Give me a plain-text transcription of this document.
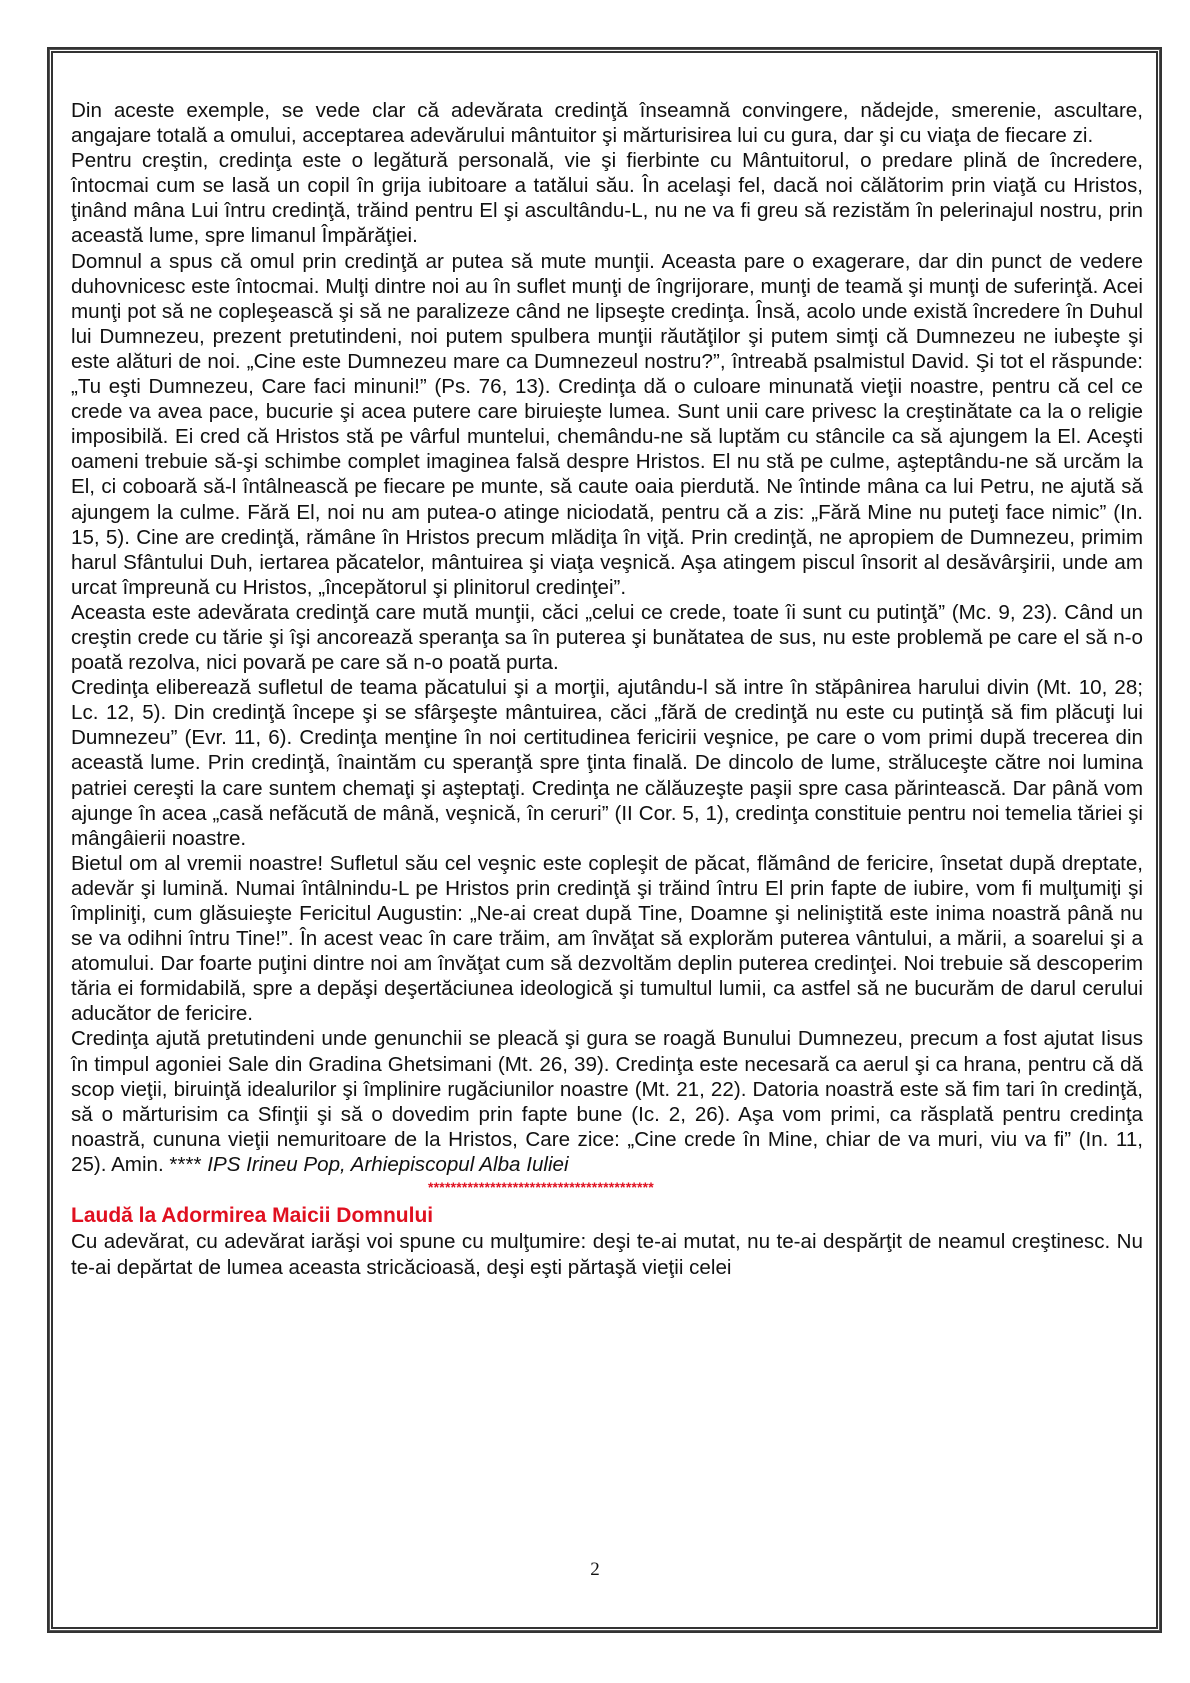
Din aceste exemple, se vede clar că adevărata credinţă înseamnă convingere, nădejde, smerenie, ascultare, angajare totală a omului, acceptarea adevărului mântuitor şi mărturisirea lui cu gura, dar şi cu viaţa de fiecare zi.

Pentru creştin, credinţa este o legătură personală, vie şi fierbinte cu Mântuitorul, o predare plină de încredere, întocmai cum se lasă un copil în grija iubitoare a tatălui său. În acelaşi fel, dacă noi călătorim prin viaţă cu Hristos, ţinând mâna Lui întru credinţă, trăind pentru El şi ascultându-L, nu ne va fi greu să rezistăm în pelerinajul nostru, prin această lume, spre limanul Împărăţiei.

Domnul a spus că omul prin credinţă ar putea să mute munţii. Aceasta pare o exagerare, dar din punct de vedere duhovnicesc este întocmai. Mulţi dintre noi au în suflet munţi de îngrijorare, munţi de teamă şi munţi de suferinţă. Acei munţi pot să ne copleşească şi să ne paralizeze când ne lipseşte credinţa. Însă, acolo unde există încredere în Duhul lui Dumnezeu, prezent pretutindeni, noi putem spulbera munţii răutăţilor şi putem simţi că Dumnezeu ne iubeşte şi este alături de noi. „Cine este Dumnezeu mare ca Dumnezeul nostru?”, întreabă psalmistul David. Şi tot el răspunde: „Tu eşti Dumnezeu, Care faci minuni!” (Ps. 76, 13). Credinţa dă o culoare minunată vieţii noastre, pentru că cel ce crede va avea pace, bucurie şi acea putere care biruieşte lumea. Sunt unii care privesc la creştinătate ca la o religie imposibilă. Ei cred că Hristos stă pe vârful muntelui, chemându-ne să luptăm cu stâncile ca să ajungem la El. Aceşti oameni trebuie să-şi schimbe complet imaginea falsă despre Hristos. El nu stă pe culme, aşteptându-ne să urcăm la El, ci coboară să-l întâlnească pe fiecare pe munte, să caute oaia pierdută. Ne întinde mâna ca lui Petru, ne ajută să ajungem la culme. Fără El, noi nu am putea-o atinge niciodată, pentru că a zis: „Fără Mine nu puteţi face nimic” (In. 15, 5). Cine are credinţă, rămâne în Hristos precum mlădiţa în viţă. Prin credinţă, ne apropiem de Dumnezeu, primim harul Sfântului Duh, iertarea păcatelor, mântuirea şi viaţa veşnică. Aşa atingem piscul însorit al desăvârşirii, unde am urcat împreună cu Hristos, „începătorul şi plinitorul credinţei”.

Aceasta este adevărata credinţă care mută munţii, căci „celui ce crede, toate îi sunt cu putinţă” (Mc. 9, 23). Când un creştin crede cu tărie şi îşi ancorează speranţa sa în puterea şi bunătatea de sus, nu este problemă pe care el să n-o poată rezolva, nici povară pe care să n-o poată purta.

Credinţa eliberează sufletul de teama păcatului şi a morţii, ajutându-l să intre în stăpânirea harului divin (Mt. 10, 28; Lc. 12, 5). Din credinţă începe şi se sfârşeşte mântuirea, căci „fără de credinţă nu este cu putinţă să fim plăcuţi lui Dumnezeu” (Evr. 11, 6). Credinţa menţine în noi certitudinea fericirii veşnice, pe care o vom primi după trecerea din această lume. Prin credinţă, înaintăm cu speranţă spre ţinta finală. De dincolo de lume, străluceşte către noi lumina patriei cereşti la care suntem chemaţi şi aşteptaţi. Credinţa ne călăuzeşte paşii spre casa părintească. Dar până vom ajunge în acea „casă nefăcută de mână, veşnică, în ceruri” (II Cor. 5, 1), credinţa constituie pentru noi temelia tăriei şi mângâierii noastre.

Bietul om al vremii noastre! Sufletul său cel veşnic este copleşit de păcat, flămând de fericire, însetat după dreptate, adevăr şi lumină. Numai întâlnindu-L pe Hristos prin credinţă şi trăind întru El prin fapte de iubire, vom fi mulţumiţi şi împliniţi, cum glăsuieşte Fericitul Augustin: „Ne-ai creat după Tine, Doamne şi neliniştită este inima noastră până nu se va odihni întru Tine!”. În acest veac în care trăim, am învăţat să explorăm puterea vântului, a mării, a soarelui şi a atomului. Dar foarte puţini dintre noi am învăţat cum să dezvoltăm deplin puterea credinţei. Noi trebuie să descoperim tăria ei formidabilă, spre a depăşi deşertăciunea ideologică şi tumultul lumii, ca astfel să ne bucurăm de darul cerului aducător de fericire.

Credinţa ajută pretutindeni unde genunchii se pleacă şi gura se roagă Bunului Dumnezeu, precum a fost ajutat Iisus în timpul agoniei Sale din Gradina Ghetsimani (Mt. 26, 39). Credinţa este necesară ca aerul şi ca hrana, pentru că dă scop vieţii, biruinţă idealurilor şi împlinire rugăciunilor noastre (Mt. 21, 22). Datoria noastră este să fim tari în credinţă, să o mărturisim ca Sfinţii şi să o dovedim prin fapte bune (Ic. 2, 26). Aşa vom primi, ca răsplată pentru credinţa noastră, cununa vieţii nemuritoare de la Hristos, Care zice: „Cine crede în Mine, chiar de va muri, viu va fi” (In. 11, 25). Amin. **** IPS Irineu Pop, Arhiepiscopul Alba Iuliei

****************************************

Laudă la Adormirea Maicii Domnului

Cu adevărat, cu adevărat iarăşi voi spune cu mulţumire: deşi te-ai mutat, nu te-ai despărţit de neamul creştinesc. Nu te-ai depărtat de lumea aceasta stricăcioasă, deşi eşti părtaşă vieţii celei

2
